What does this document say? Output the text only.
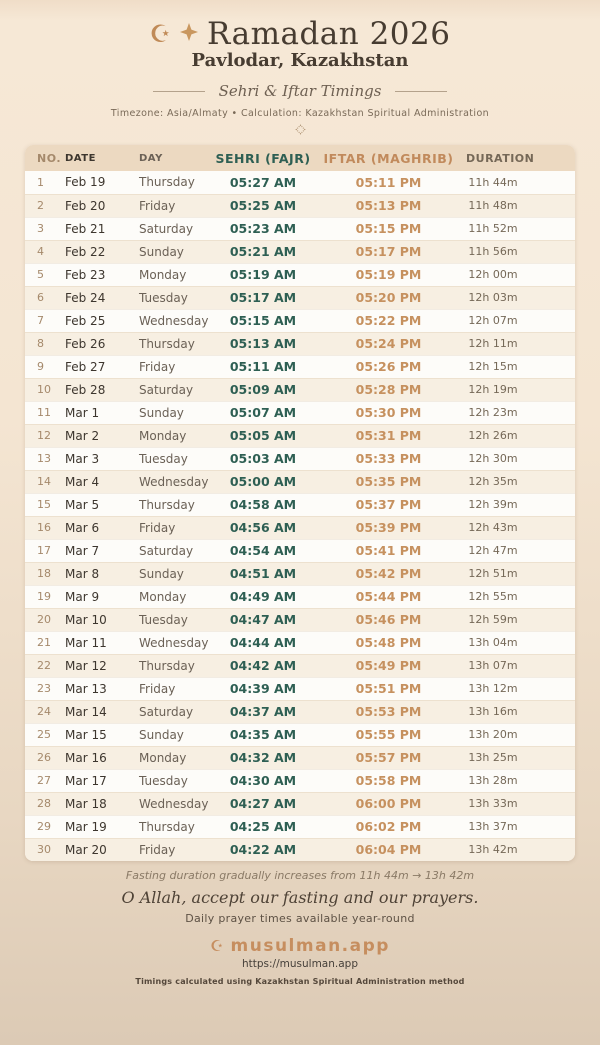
☪ Ramadan 2026
Pavlodar, Kazakhstan
Sehri & Iftar Timings
Timezone: Asia/Almaty • Calculation: Kazakhstan Spiritual Administration
NO.	DATE	DAY	SEHRI (FAJR)	IFTAR (MAGHRIB)	DURATION
1	Feb 19	Thursday	05:27 AM	05:11 PM	11h 44m
2	Feb 20	Friday	05:25 AM	05:13 PM	11h 48m
3	Feb 21	Saturday	05:23 AM	05:15 PM	11h 52m
4	Feb 22	Sunday	05:21 AM	05:17 PM	11h 56m
5	Feb 23	Monday	05:19 AM	05:19 PM	12h 00m
6	Feb 24	Tuesday	05:17 AM	05:20 PM	12h 03m
7	Feb 25	Wednesday	05:15 AM	05:22 PM	12h 07m
8	Feb 26	Thursday	05:13 AM	05:24 PM	12h 11m
9	Feb 27	Friday	05:11 AM	05:26 PM	12h 15m
10	Feb 28	Saturday	05:09 AM	05:28 PM	12h 19m
11	Mar 1	Sunday	05:07 AM	05:30 PM	12h 23m
12	Mar 2	Monday	05:05 AM	05:31 PM	12h 26m
13	Mar 3	Tuesday	05:03 AM	05:33 PM	12h 30m
14	Mar 4	Wednesday	05:00 AM	05:35 PM	12h 35m
15	Mar 5	Thursday	04:58 AM	05:37 PM	12h 39m
16	Mar 6	Friday	04:56 AM	05:39 PM	12h 43m
17	Mar 7	Saturday	04:54 AM	05:41 PM	12h 47m
18	Mar 8	Sunday	04:51 AM	05:42 PM	12h 51m
19	Mar 9	Monday	04:49 AM	05:44 PM	12h 55m
20	Mar 10	Tuesday	04:47 AM	05:46 PM	12h 59m
21	Mar 11	Wednesday	04:44 AM	05:48 PM	13h 04m
22	Mar 12	Thursday	04:42 AM	05:49 PM	13h 07m
23	Mar 13	Friday	04:39 AM	05:51 PM	13h 12m
24	Mar 14	Saturday	04:37 AM	05:53 PM	13h 16m
25	Mar 15	Sunday	04:35 AM	05:55 PM	13h 20m
26	Mar 16	Monday	04:32 AM	05:57 PM	13h 25m
27	Mar 17	Tuesday	04:30 AM	05:58 PM	13h 28m
28	Mar 18	Wednesday	04:27 AM	06:00 PM	13h 33m
29	Mar 19	Thursday	04:25 AM	06:02 PM	13h 37m
30	Mar 20	Friday	04:22 AM	06:04 PM	13h 42m
Fasting duration gradually increases from 11h 44m → 13h 42m
O Allah, accept our fasting and our prayers.
Daily prayer times available year-round
☪ musulman.app
https://musulman.app
Timings calculated using Kazakhstan Spiritual Administration method
